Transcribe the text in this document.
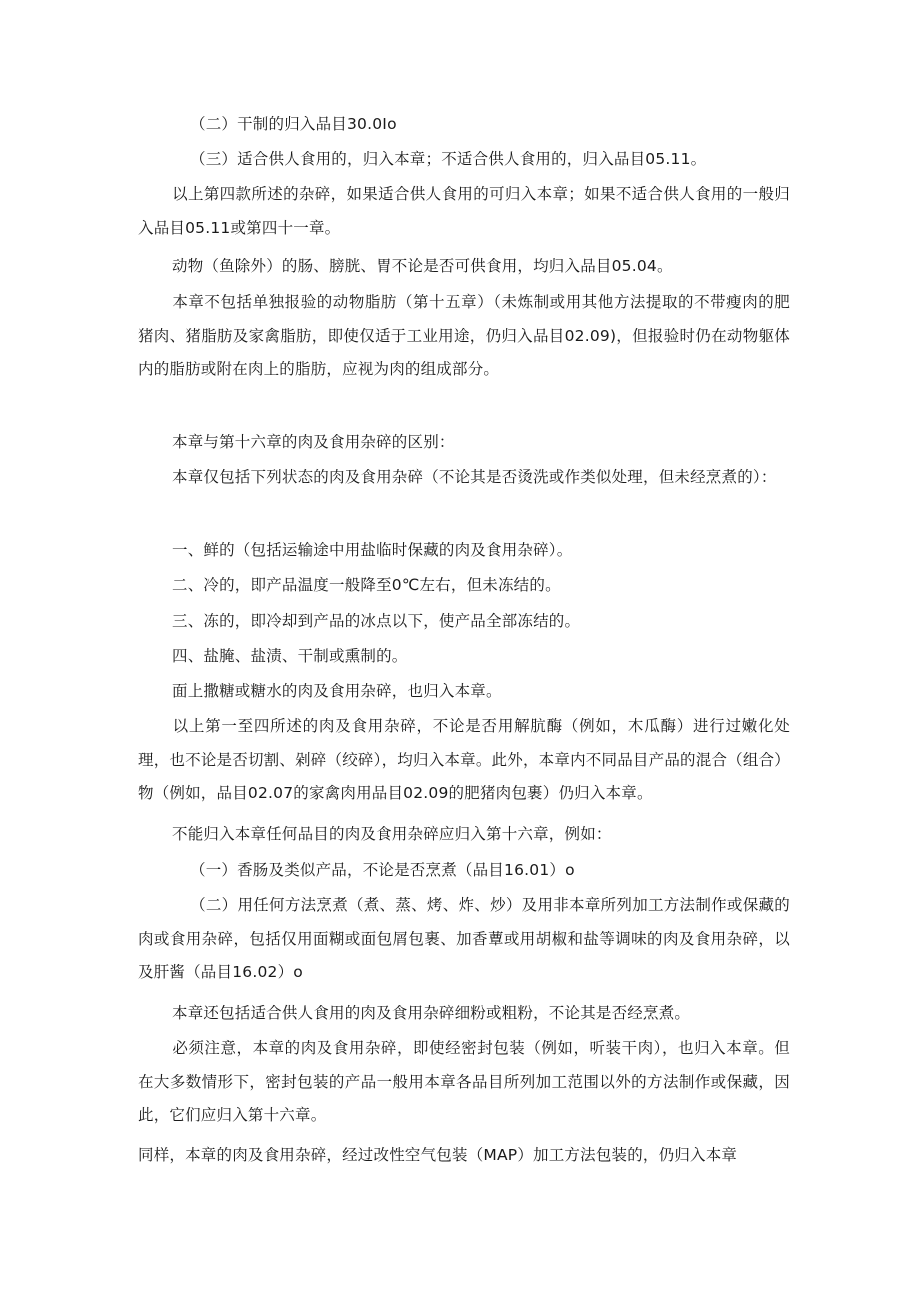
（二）干制的归入品目30.0Io
（三）适合供人食用的，归入本章；不适合供人食用的，归入品目05.11。
以上第四款所述的杂碎，如果适合供人食用的可归入本章；如果不适合供人食用的一般归入品目05.11或第四十一章。
动物（鱼除外）的肠、膀胱、胃不论是否可供食用，均归入品目05.04。
本章不包括单独报验的动物脂肪（第十五章）（未炼制或用其他方法提取的不带瘦肉的肥猪肉、猪脂肪及家禽脂肪，即使仅适于工业用途，仍归入品目02.09)，但报验时仍在动物躯体内的脂肪或附在肉上的脂肪，应视为肉的组成部分。
本章与第十六章的肉及食用杂碎的区别：
本章仅包括下列状态的肉及食用杂碎（不论其是否烫洗或作类似处理，但未经烹煮的）：
一、鲜的（包括运输途中用盐临时保藏的肉及食用杂碎）。
二、冷的，即产品温度一般降至0℃左右，但未冻结的。
三、冻的，即冷却到产品的冰点以下，使产品全部冻结的。
四、盐腌、盐渍、干制或熏制的。
面上撒糖或糖水的肉及食用杂碎，也归入本章。
以上第一至四所述的肉及食用杂碎，不论是否用解肮酶（例如，木瓜酶）进行过嫩化处理，也不论是否切割、剁碎（绞碎），均归入本章。此外，本章内不同品目产品的混合（组合）物（例如，品目02.07的家禽肉用品目02.09的肥猪肉包裹）仍归入本章。
不能归入本章任何品目的肉及食用杂碎应归入第十六章，例如：
（一）香肠及类似产品，不论是否烹煮（品目16.01）o
（二）用任何方法烹煮（煮、蒸、烤、炸、炒）及用非本章所列加工方法制作或保藏的肉或食用杂碎，包括仅用面糊或面包屑包裹、加香蕈或用胡椒和盐等调味的肉及食用杂碎，以及肝酱（品目16.02）o
本章还包括适合供人食用的肉及食用杂碎细粉或粗粉，不论其是否经烹煮。
必须注意，本章的肉及食用杂碎，即使经密封包装（例如，听装干肉），也归入本章。但在大多数情形下，密封包装的产品一般用本章各品目所列加工范围以外的方法制作或保藏，因此，它们应归入第十六章。
同样，本章的肉及食用杂碎，经过改性空气包装（MAP）加工方法包装的，仍归入本章
